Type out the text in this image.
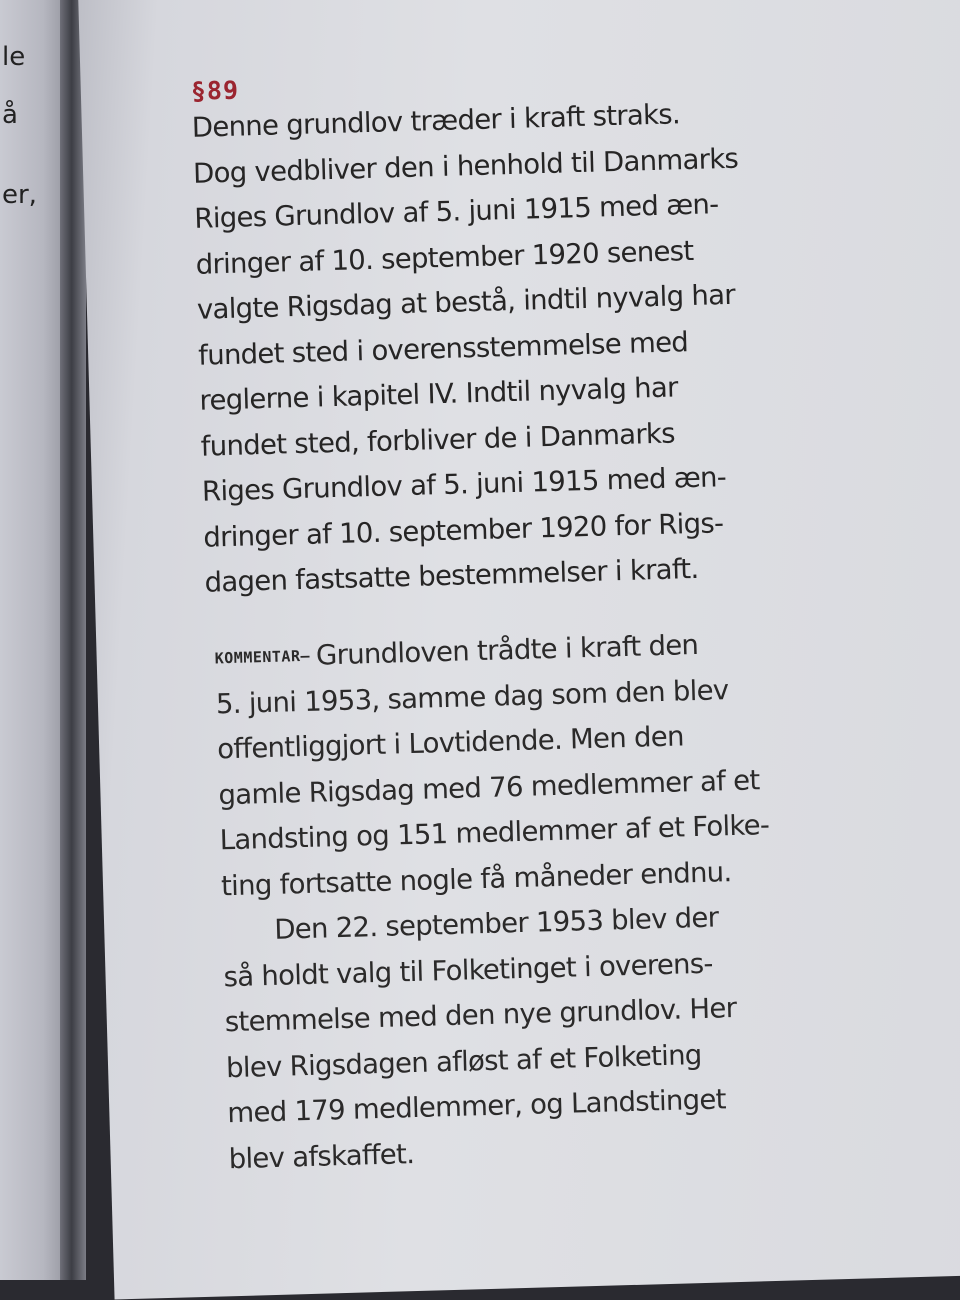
le
å
er,
§89
Denne grundlov træder i kraft straks.
Dog vedbliver den i henhold til Danmarks
Riges Grundlov af 5. juni 1915 med æn-
dringer af 10. september 1920 senest
valgte Rigsdag at bestå, indtil nyvalg har
fundet sted i overensstemmelse med
reglerne i kapitel IV. Indtil nyvalg har
fundet sted, forbliver de i Danmarks
Riges Grundlov af 5. juni 1915 med æn-
dringer af 10. september 1920 for Rigs-
dagen fastsatte bestemmelser i kraft.
KOMMENTAR– Grundloven trådte i kraft den
5. juni 1953, samme dag som den blev
offentliggjort i Lovtidende. Men den
gamle Rigsdag med 76 medlemmer af et
Landsting og 151 medlemmer af et Folke-
ting fortsatte nogle få måneder endnu.
Den 22. september 1953 blev der
så holdt valg til Folketinget i overens-
stemmelse med den nye grundlov. Her
blev Rigsdagen afløst af et Folketing
med 179 medlemmer, og Landstinget
blev afskaffet.
